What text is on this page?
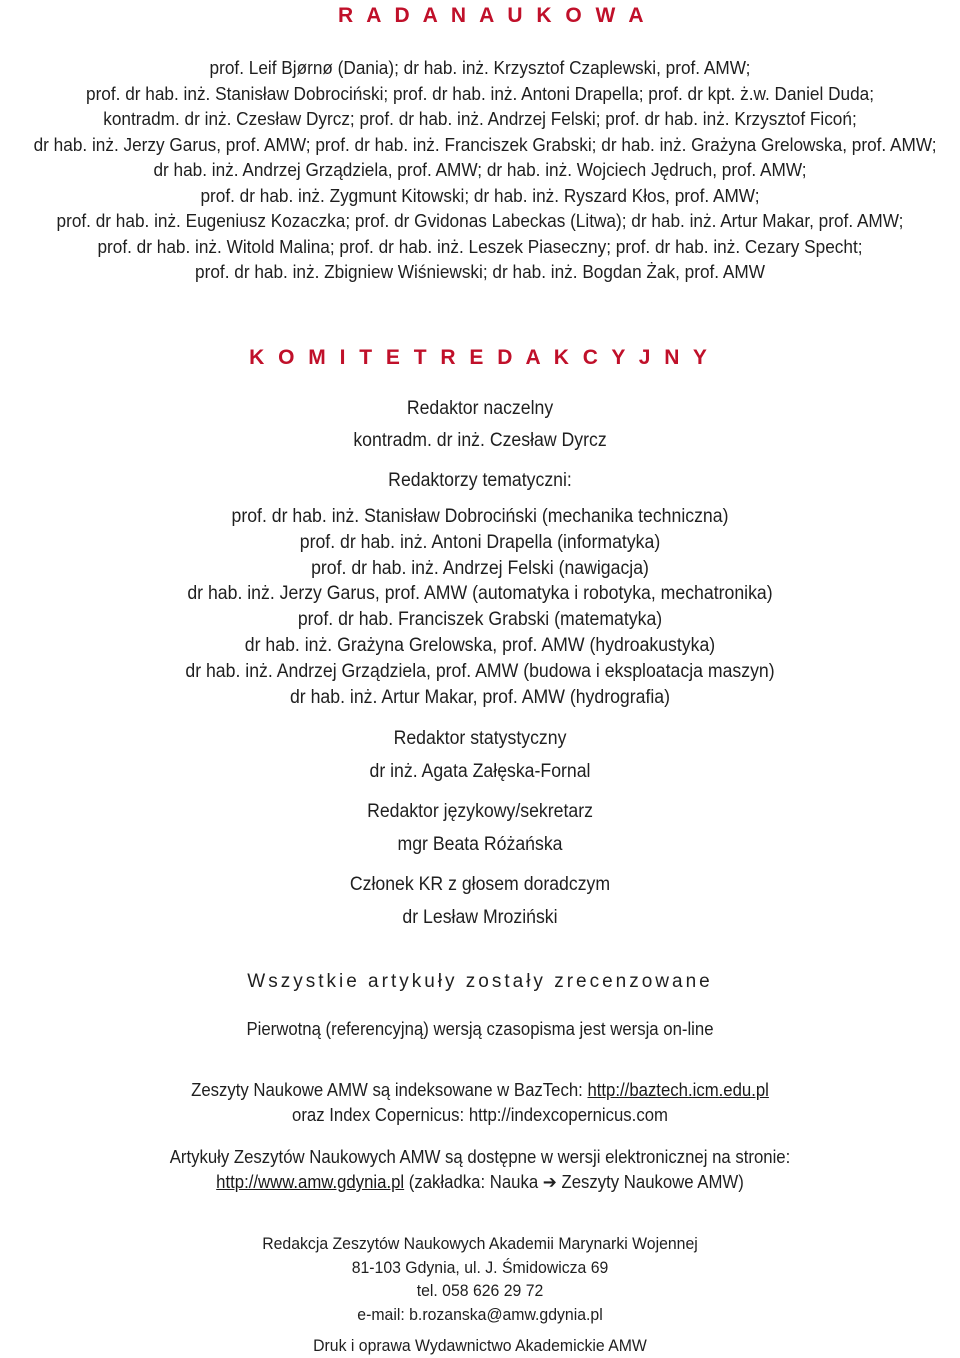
R A D A N A U K O W A
prof. Leif Bjørnø (Dania); dr hab. inż. Krzysztof Czaplewski, prof. AMW;
prof. dr hab. inż. Stanisław Dobrociński; prof. dr hab. inż. Antoni Drapella; prof. dr kpt. ż.w. Daniel Duda;
kontradm. dr inż. Czesław Dyrcz; prof. dr hab. inż. Andrzej Felski; prof. dr hab. inż. Krzysztof Ficoń;
dr hab. inż. Jerzy Garus, prof. AMW; prof. dr hab. inż. Franciszek Grabski; dr hab. inż. Grażyna Grelowska, prof. AMW;
dr hab. inż. Andrzej Grządziela, prof. AMW; dr hab. inż. Wojciech Jędruch, prof. AMW;
prof. dr hab. inż. Zygmunt Kitowski; dr hab. inż. Ryszard Kłos, prof. AMW;
prof. dr hab. inż. Eugeniusz Kozaczka; prof. dr Gvidonas Labeckas (Litwa); dr hab. inż. Artur Makar, prof. AMW;
prof. dr hab. inż. Witold Malina; prof. dr hab. inż. Leszek Piaseczny; prof. dr hab. inż. Cezary Specht;
prof. dr hab. inż. Zbigniew Wiśniewski; dr hab. inż. Bogdan Żak, prof. AMW
K O M I T E T R E D A K C Y J N Y
Redaktor naczelny
kontradm. dr inż. Czesław Dyrcz
Redaktorzy tematyczni:
prof. dr hab. inż. Stanisław Dobrociński (mechanika techniczna)
prof. dr hab. inż. Antoni Drapella (informatyka)
prof. dr hab. inż. Andrzej Felski (nawigacja)
dr hab. inż. Jerzy Garus, prof. AMW (automatyka i robotyka, mechatronika)
prof. dr hab. Franciszek Grabski (matematyka)
dr hab. inż. Grażyna Grelowska, prof. AMW (hydroakustyka)
dr hab. inż. Andrzej Grządziela, prof. AMW (budowa i eksploatacja maszyn)
dr hab. inż. Artur Makar, prof. AMW (hydrografia)
Redaktor statystyczny
dr inż. Agata Załęska-Fornal
Redaktor językowy/sekretarz
mgr Beata Różańska
Członek KR z głosem doradczym
dr Lesław Mroziński
Wszystkie artykuły zostały zrecenzowane
Pierwotną (referencyjną) wersją czasopisma jest wersja on-line
Zeszyty Naukowe AMW są indeksowane w BazTech: http://baztech.icm.edu.pl
oraz Index Copernicus: http://indexcopernicus.com
Artykuły Zeszytów Naukowych AMW są dostępne w wersji elektronicznej na stronie:
http://www.amw.gdynia.pl (zakładka: Nauka ➔ Zeszyty Naukowe AMW)
Redakcja Zeszytów Naukowych Akademii Marynarki Wojennej
81-103 Gdynia, ul. J. Śmidowicza 69
tel. 058 626 29 72
e-mail: b.rozanska@amw.gdynia.pl
Druk i oprawa Wydawnictwo Akademickie AMW
